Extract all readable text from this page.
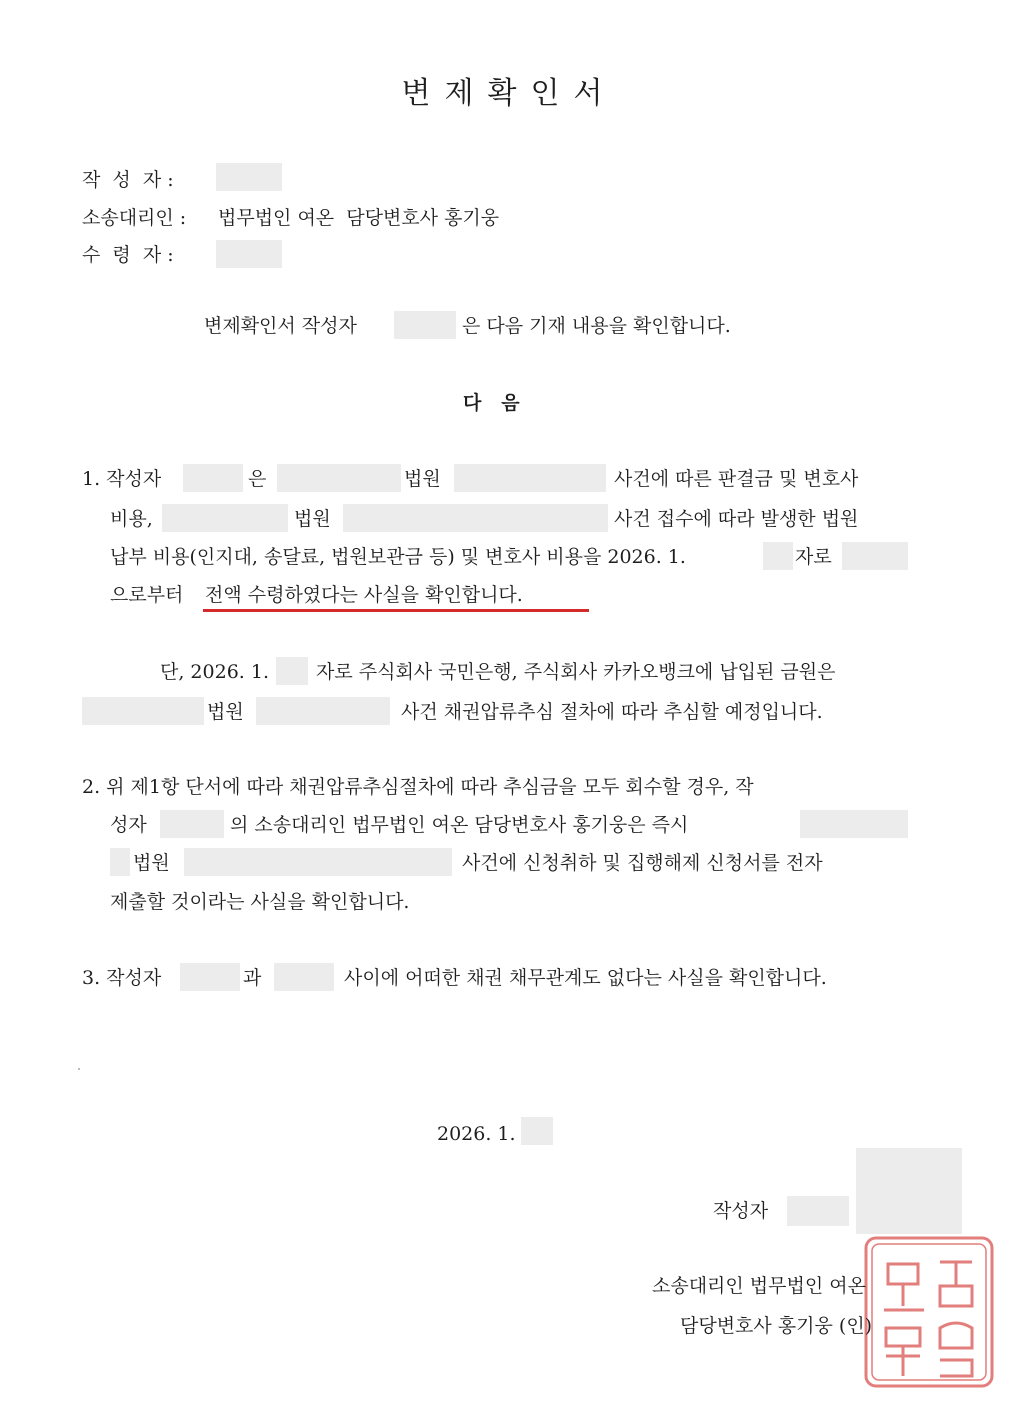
변제확인서
작  성  자 :
소송대리인 : 법무법인 여온  담당변호사 홍기웅
수  령  자 :
변제확인서 작성자	은 다음 기재 내용을 확인합니다.
다   음
1. 작성자	은	법원	사건에 따른 판결금 및 변호사
비용,	법원	사건 접수에 따라 발생한 법원
납부 비용(인지대, 송달료, 법원보관금 등) 및 변호사 비용을 2026. 1.	자로
으로부터 전액 수령하였다는 사실을 확인합니다.
단, 2026. 1. 자로 주식회사 국민은행, 주식회사 카카오뱅크에 납입된 금원은
법원	사건 채권압류추심 절차에 따라 추심할 예정입니다.
2. 위 제1항 단서에 따라 채권압류추심절차에 따라 추심금을 모두 회수할 경우, 작
성자	의 소송대리인 법무법인 여온 담당변호사 홍기웅은 즉시
법원	사건에 신청취하 및 집행해제 신청서를 전자
제출할 것이라는 사실을 확인합니다.
3. 작성자	과	사이에 어떠한 채권 채무관계도 없다는 사실을 확인합니다.
2026. 1.
작성자
소송대리인 법무법인 여온
담당변호사 홍기웅 (인)
